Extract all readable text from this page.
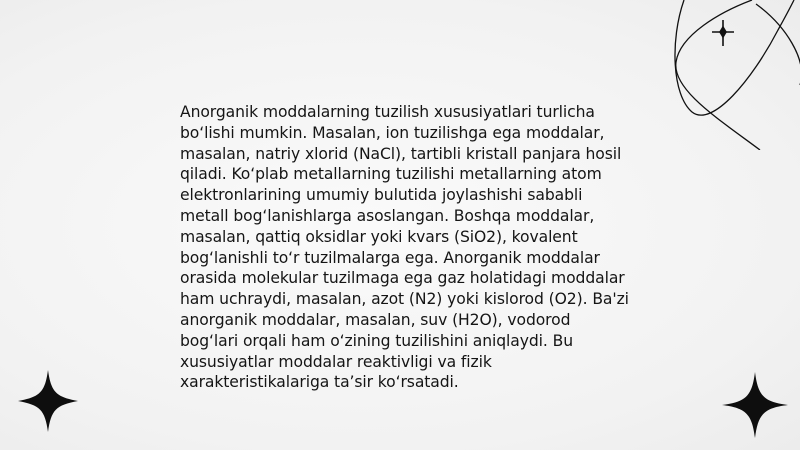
Anorganik moddalarning tuzilish xususiyatlari turlicha bo‘lishi mumkin. Masalan, ion tuzilishga ega moddalar, masalan, natriy xlorid (NaCl), tartibli kristall panjara hosil qiladi. Ko‘plab metallarning tuzilishi metallarning atom elektronlarining umumiy bulutida joylashishi sababli metall bog‘lanishlarga asoslangan. Boshqa moddalar, masalan, qattiq oksidlar yoki kvars (SiO2), kovalent bog‘lanishli to‘r tuzilmalarga ega. Anorganik moddalar orasida molekular tuzilmaga ega gaz holatidagi moddalar ham uchraydi, masalan, azot (N2) yoki kislorod (O2). Ba'zi anorganik moddalar, masalan, suv (H2O), vodorod bog‘lari orqali ham o‘zining tuzilishini aniqlaydi. Bu xususiyatlar moddalar reaktivligi va fizik xarakteristikalariga ta’sir ko‘rsatadi.
